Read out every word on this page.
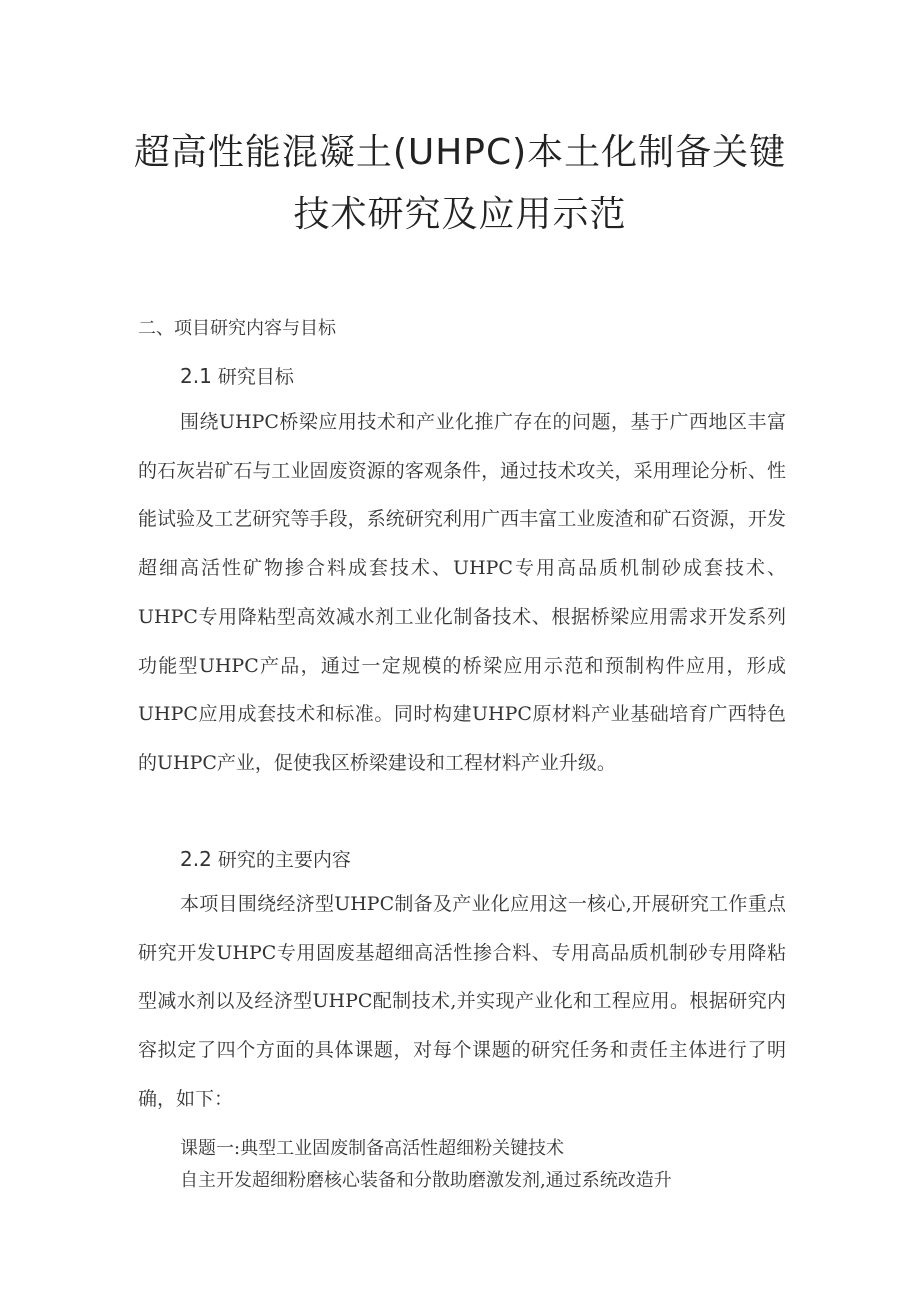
超高性能混凝土(UHPC)本土化制备关键
技术研究及应用示范

二、项目研究内容与目标

2.1 研究目标

围绕UHPC桥梁应用技术和产业化推广存在的问题，基于广西地区丰富的石灰岩矿石与工业固废资源的客观条件，通过技术攻关，采用理论分析、性能试验及工艺研究等手段，系统研究利用广西丰富工业废渣和矿石资源，开发超细高活性矿物掺合料成套技术、UHPC专用高品质机制砂成套技术、UHPC专用降粘型高效减水剂工业化制备技术、根据桥梁应用需求开发系列功能型UHPC产品，通过一定规模的桥梁应用示范和预制构件应用，形成UHPC应用成套技术和标准。同时构建UHPC原材料产业基础培育广西特色的UHPC产业，促使我区桥梁建设和工程材料产业升级。

2.2 研究的主要内容

本项目围绕经济型UHPC制备及产业化应用这一核心,开展研究工作重点研究开发UHPC专用固废基超细高活性掺合料、专用高品质机制砂专用降粘型减水剂以及经济型UHPC配制技术,并实现产业化和工程应用。根据研究内容拟定了四个方面的具体课题，对每个课题的研究任务和责任主体进行了明确，如下：

课题一:典型工业固废制备高活性超细粉关键技术

自主开发超细粉磨核心装备和分散助磨激发剂,通过系统改造升
